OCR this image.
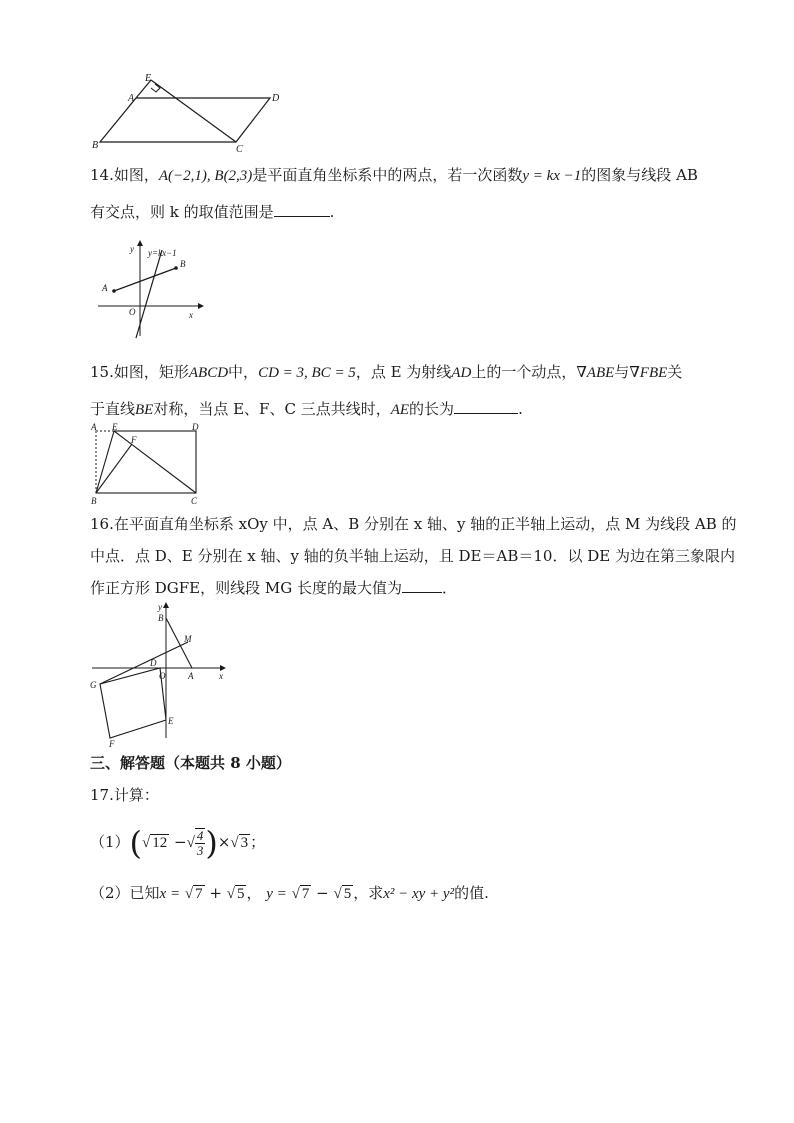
E
A	D
B	C
14.如图，A(−2,1), B(2,3)是平面直角坐标系中的两点，若一次函数y = kx −1的图象与线段 AB
有交点，则 k 的取值范围是	.
y y=kx−1
B
A
O	x
15.如图，矩形ABCD中，CD = 3, BC = 5，点 E 为射线AD上的一个动点，∇ABE与∇FBE关
于直线BE对称，当点 E、F、C 三点共线时，AE的长为	.
A E	D
F
B	C
16.在平面直角坐标系 xOy 中，点 A、B 分别在 x 轴、y 轴的正半轴上运动，点 M 为线段 AB 的
中点．点 D、E 分别在 x 轴、y 轴的负半轴上运动，且 DE＝AB＝10．以 DE 为边在第三象限内
作正方形 DGFE，则线段 MG 长度的最大值为	．
y
B
M
D
O	A	x
G
E
F
三、解答题（本题共 8 小题）
17.计算：
（1）(√ 12 −√ $\frac{4}{3}$ )×√ 3 ；
（2）已知x = √ 7 + √ 5 ， y = √ 7 − √ 5 ，求x² − xy + y²的值.
